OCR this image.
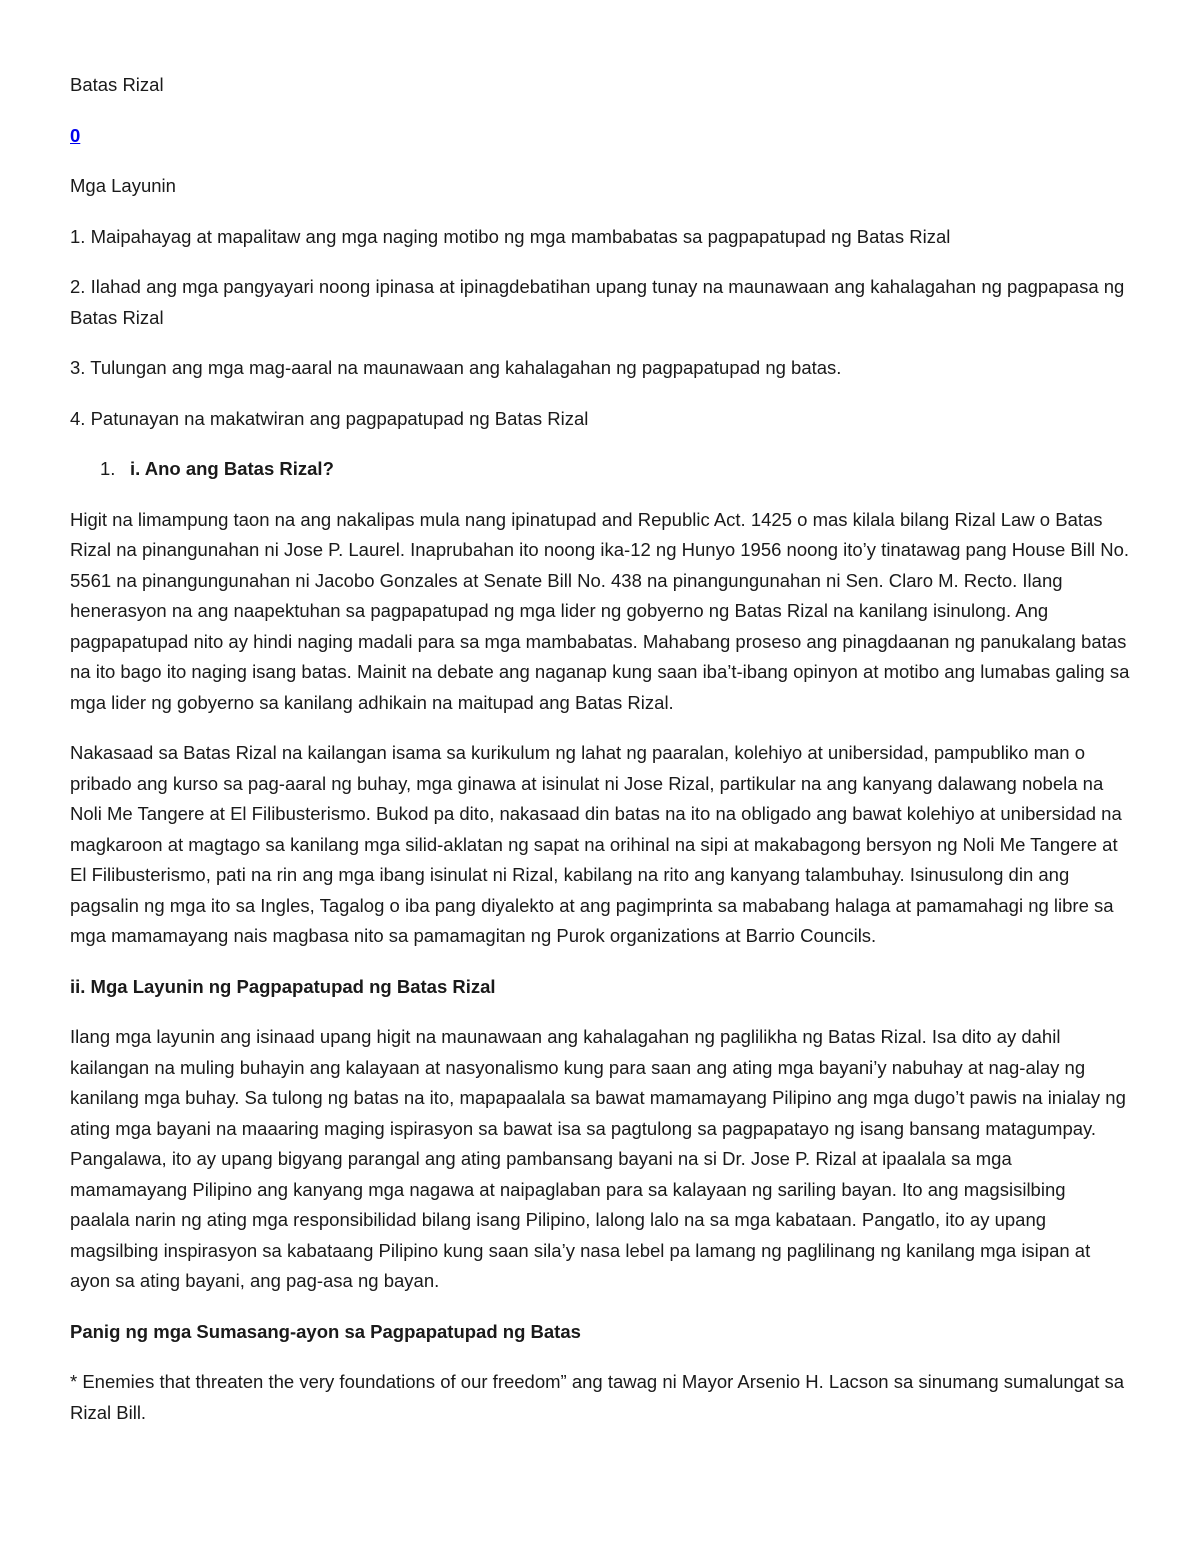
Batas Rizal

0

Mga Layunin

1. Maipahayag at mapalitaw ang mga naging motibo ng mga mambabatas sa pagpapatupad ng Batas Rizal

2. Ilahad ang mga pangyayari noong ipinasa at ipinagdebatihan upang tunay na maunawaan ang kahalagahan ng pagpapasa ng Batas Rizal

3. Tulungan ang mga mag-aaral na maunawaan ang kahalagahan ng pagpapatupad ng batas.

4. Patunayan na makatwiran ang pagpapatupad ng Batas Rizal

1. i. Ano ang Batas Rizal?

Higit na limampung taon na ang nakalipas mula nang ipinatupad and Republic Act. 1425 o mas kilala bilang Rizal Law o Batas Rizal na pinangunahan ni Jose P. Laurel. Inaprubahan ito noong ika-12 ng Hunyo 1956 noong ito’y tinatawag pang House Bill No. 5561 na pinangungunahan ni Jacobo Gonzales at Senate Bill No. 438 na pinangungunahan ni Sen. Claro M. Recto. Ilang henerasyon na ang naapektuhan sa pagpapatupad ng mga lider ng gobyerno ng Batas Rizal na kanilang isinulong. Ang pagpapatupad nito ay hindi naging madali para sa mga mambabatas. Mahabang proseso ang pinagdaanan ng panukalang batas na ito bago ito naging isang batas. Mainit na debate ang naganap kung saan iba’t-ibang opinyon at motibo ang lumabas galing sa mga lider ng gobyerno sa kanilang adhikain na maitupad ang Batas Rizal.

Nakasaad sa Batas Rizal na kailangan isama sa kurikulum ng lahat ng paaralan, kolehiyo at unibersidad, pampubliko man o pribado ang kurso sa pag-aaral ng buhay, mga ginawa at isinulat ni Jose Rizal, partikular na ang kanyang dalawang nobela na Noli Me Tangere at El Filibusterismo. Bukod pa dito, nakasaad din batas na ito na obligado ang bawat kolehiyo at unibersidad na magkaroon at magtago sa kanilang mga silid-aklatan ng sapat na orihinal na sipi at makabagong bersyon ng Noli Me Tangere at El Filibusterismo, pati na rin ang mga ibang isinulat ni Rizal, kabilang na rito ang kanyang talambuhay. Isinusulong din ang pagsalin ng mga ito sa Ingles, Tagalog o iba pang diyalekto at ang pagimprinta sa mababang halaga at pamamahagi ng libre sa mga mamamayang nais magbasa nito sa pamamagitan ng Purok organizations at Barrio Councils.

ii. Mga Layunin ng Pagpapatupad ng Batas Rizal

Ilang mga layunin ang isinaad upang higit na maunawaan ang kahalagahan ng paglilikha ng Batas Rizal. Isa dito ay dahil kailangan na muling buhayin ang kalayaan at nasyonalismo kung para saan ang ating mga bayani’y nabuhay at nag-alay ng kanilang mga buhay. Sa tulong ng batas na ito, mapapaalala sa bawat mamamayang Pilipino ang mga dugo’t pawis na inialay ng ating mga bayani na maaaring maging ispirasyon sa bawat isa sa pagtulong sa pagpapatayo ng isang bansang matagumpay. Pangalawa, ito ay upang bigyang parangal ang ating pambansang bayani na si Dr. Jose P. Rizal at ipaalala sa mga mamamayang Pilipino ang kanyang mga nagawa at naipaglaban para sa kalayaan ng sariling bayan. Ito ang magsisilbing paalala narin ng ating mga responsibilidad bilang isang Pilipino, lalong lalo na sa mga kabataan. Pangatlo, ito ay upang magsilbing inspirasyon sa kabataang Pilipino kung saan sila’y nasa lebel pa lamang ng paglilinang ng kanilang mga isipan at ayon sa ating bayani, ang pag-asa ng bayan.

Panig ng mga Sumasang-ayon sa Pagpapatupad ng Batas

* Enemies that threaten the very foundations of our freedom” ang tawag ni Mayor Arsenio H. Lacson sa sinumang sumalungat sa Rizal Bill.
